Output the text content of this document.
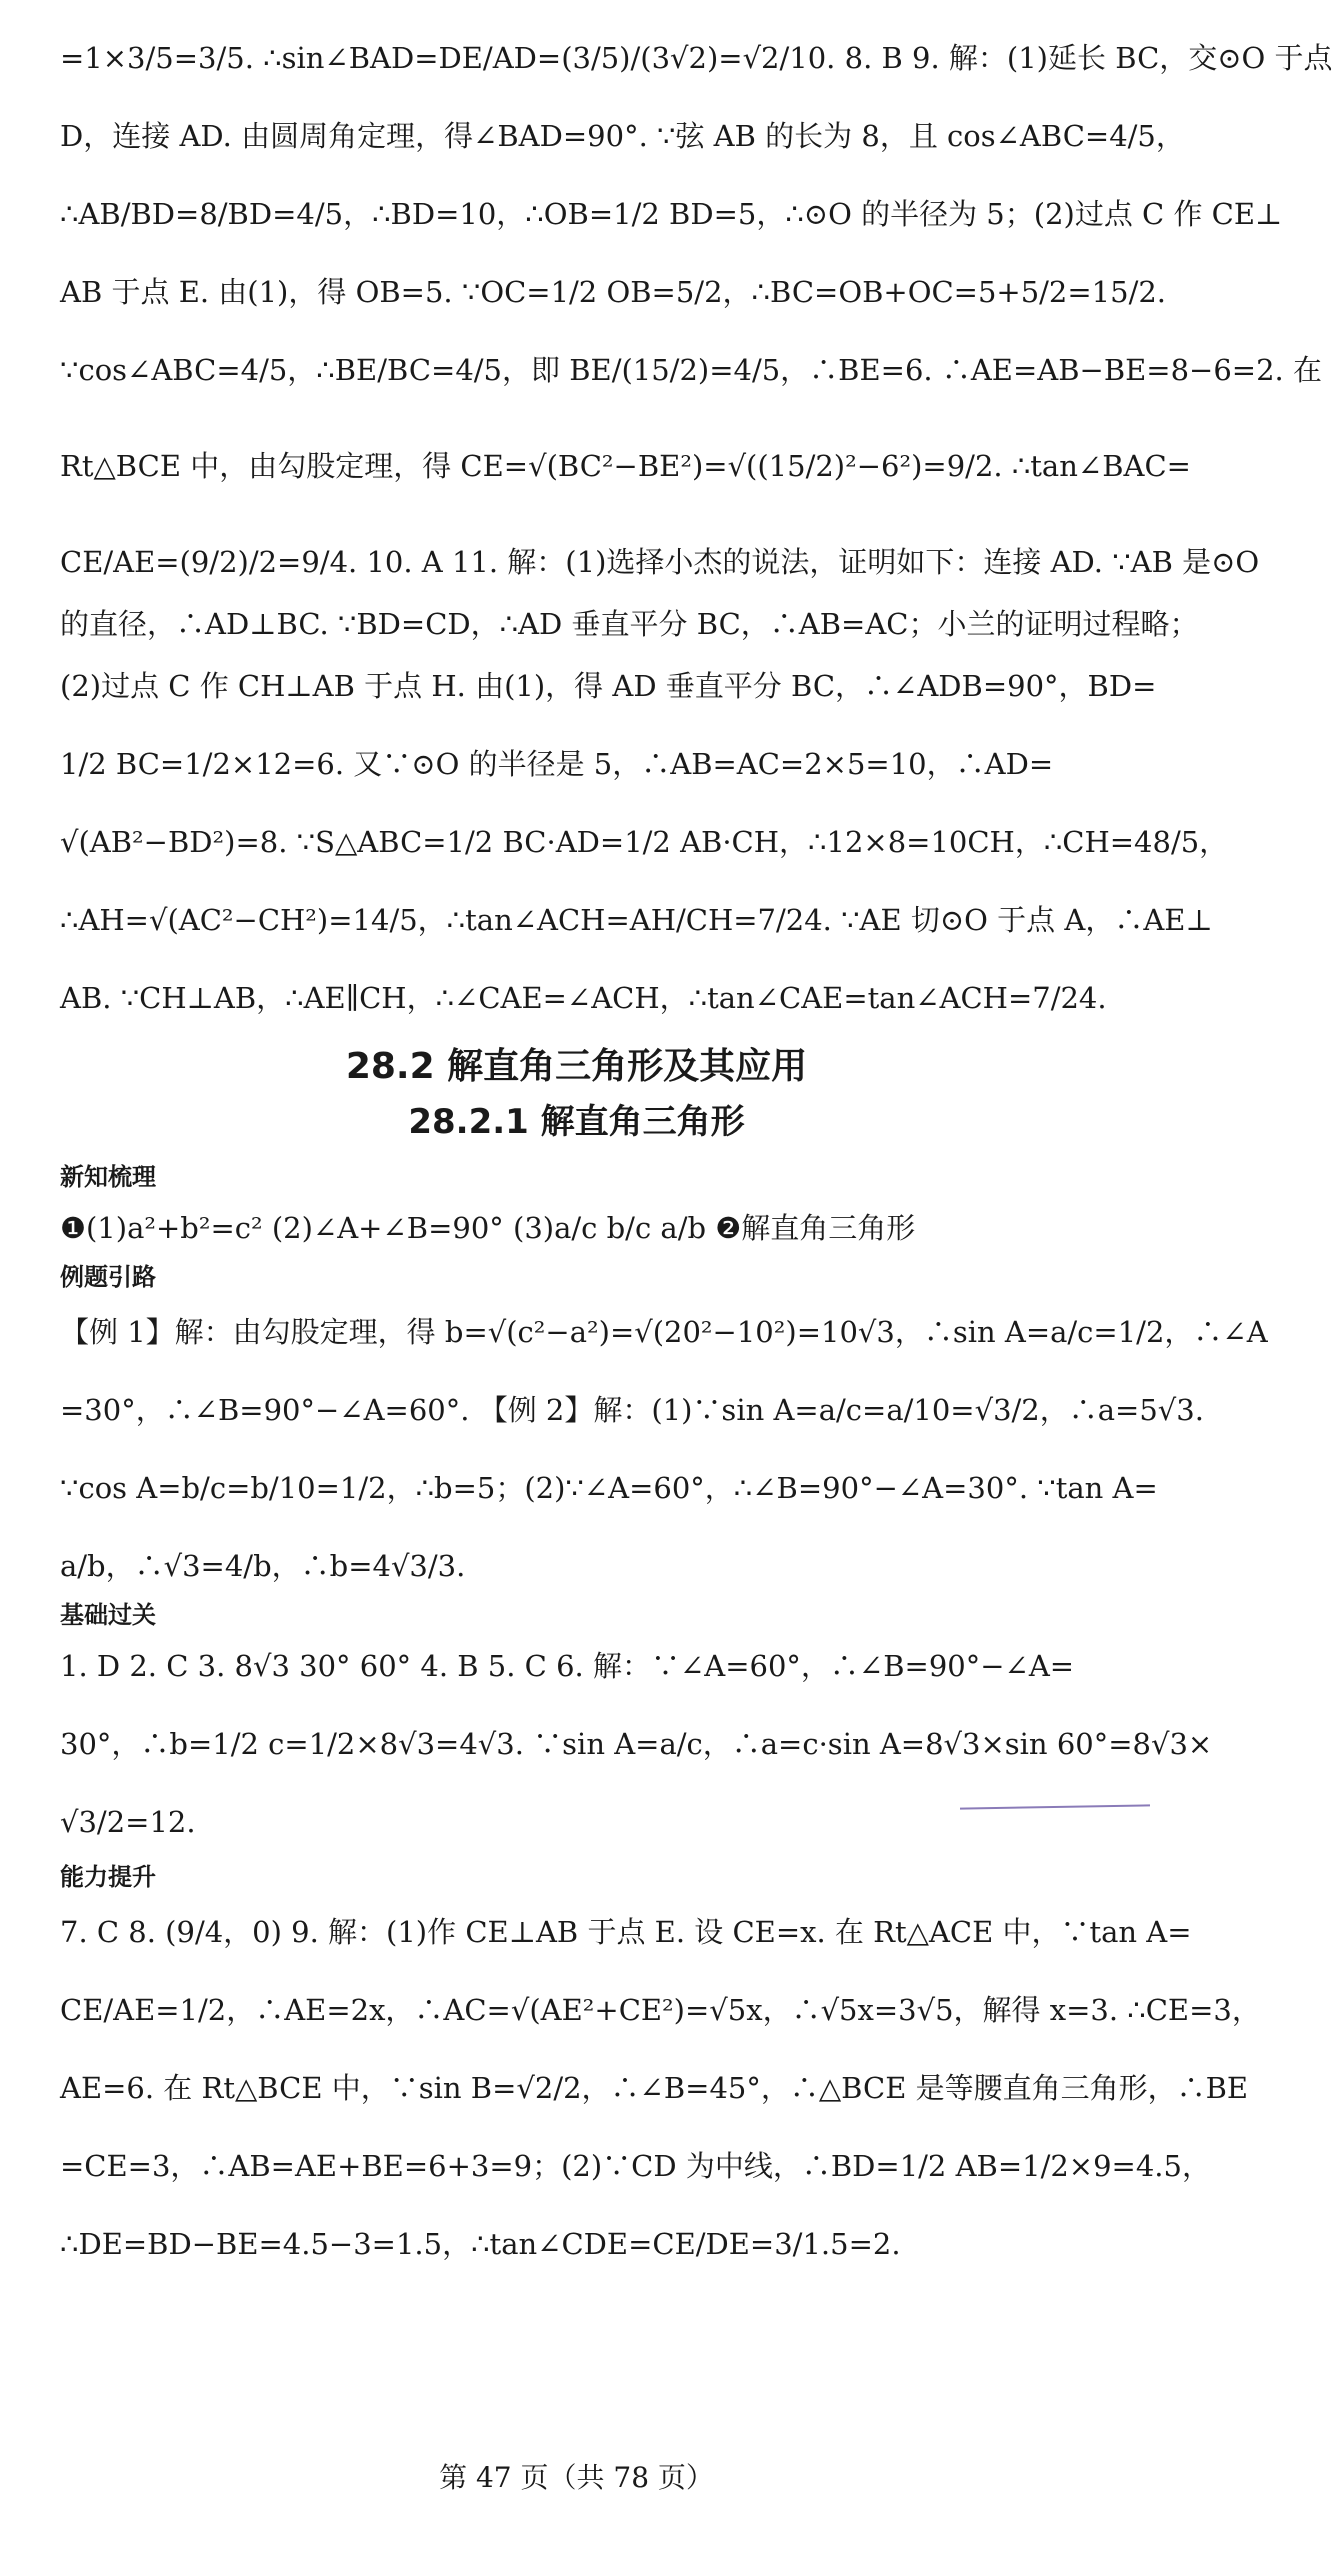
=1×3/5=3/5. ∴sin∠BAD=DE/AD=(3/5)/(3√2)=√2/10. 8. B 9. 解：(1)延长 BC，交⊙O 于点

D，连接 AD. 由圆周角定理，得∠BAD=90°. ∵弦 AB 的长为 8，且 cos∠ABC=4/5，

∴AB/BD=8/BD=4/5，∴BD=10，∴OB=1/2 BD=5，∴⊙O 的半径为 5；(2)过点 C 作 CE⊥

AB 于点 E. 由(1)，得 OB=5. ∵OC=1/2 OB=5/2，∴BC=OB+OC=5+5/2=15/2.

∵cos∠ABC=4/5，∴BE/BC=4/5，即 BE/(15/2)=4/5，∴BE=6. ∴AE=AB−BE=8−6=2. 在

Rt△BCE 中，由勾股定理，得 CE=√(BC²−BE²)=√((15/2)²−6²)=9/2. ∴tan∠BAC=

CE/AE=(9/2)/2=9/4. 10. A 11. 解：(1)选择小杰的说法，证明如下：连接 AD. ∵AB 是⊙O

的直径，∴AD⊥BC. ∵BD=CD，∴AD 垂直平分 BC，∴AB=AC；小兰的证明过程略；

(2)过点 C 作 CH⊥AB 于点 H. 由(1)，得 AD 垂直平分 BC，∴∠ADB=90°，BD=

1/2 BC=1/2×12=6. 又∵⊙O 的半径是 5，∴AB=AC=2×5=10，∴AD=

√(AB²−BD²)=8. ∵S△ABC=1/2 BC·AD=1/2 AB·CH，∴12×8=10CH，∴CH=48/5，

∴AH=√(AC²−CH²)=14/5，∴tan∠ACH=AH/CH=7/24. ∵AE 切⊙O 于点 A，∴AE⊥

AB. ∵CH⊥AB，∴AE∥CH，∴∠CAE=∠ACH，∴tan∠CAE=tan∠ACH=7/24.

28.2 解直角三角形及其应用
28.2.1 解直角三角形
新知梳理

❶(1)a²+b²=c² (2)∠A+∠B=90° (3)a/c b/c a/b ❷解直角三角形

例题引路

【例 1】解：由勾股定理，得 b=√(c²−a²)=√(20²−10²)=10√3，∴sin A=a/c=1/2，∴∠A

=30°，∴∠B=90°−∠A=60°. 【例 2】解：(1)∵sin A=a/c=a/10=√3/2，∴a=5√3.

∵cos A=b/c=b/10=1/2，∴b=5；(2)∵∠A=60°，∴∠B=90°−∠A=30°. ∵tan A=

a/b，∴√3=4/b，∴b=4√3/3.

基础过关

1. D 2. C 3. 8√3 30° 60° 4. B 5. C 6. 解：∵∠A=60°，∴∠B=90°−∠A=

30°，∴b=1/2 c=1/2×8√3=4√3. ∵sin A=a/c，∴a=c·sin A=8√3×sin 60°=8√3×

√3/2=12.

能力提升

7. C 8. (9/4，0) 9. 解：(1)作 CE⊥AB 于点 E. 设 CE=x. 在 Rt△ACE 中，∵tan A=

CE/AE=1/2，∴AE=2x，∴AC=√(AE²+CE²)=√5x，∴√5x=3√5，解得 x=3. ∴CE=3，

AE=6. 在 Rt△BCE 中，∵sin B=√2/2，∴∠B=45°，∴△BCE 是等腰直角三角形，∴BE

=CE=3，∴AB=AE+BE=6+3=9；(2)∵CD 为中线，∴BD=1/2 AB=1/2×9=4.5，

∴DE=BD−BE=4.5−3=1.5，∴tan∠CDE=CE/DE=3/1.5=2.

第 47 页（共 78 页）
